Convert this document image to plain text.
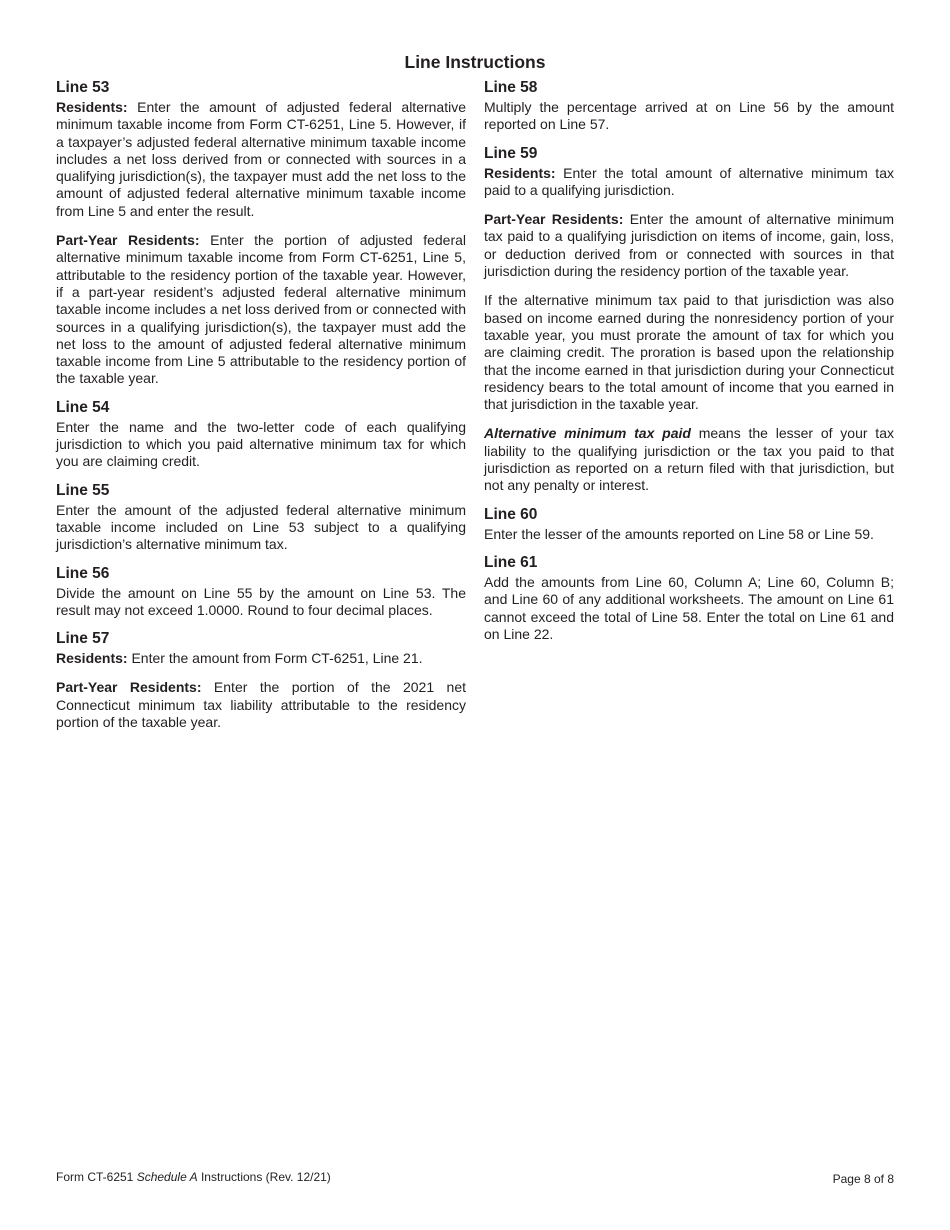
Line Instructions
Line 53

Residents: Enter the amount of adjusted federal alternative minimum taxable income from Form CT-6251, Line 5. However, if a taxpayer’s adjusted federal alternative minimum taxable income includes a net loss derived from or connected with sources in a qualifying jurisdiction(s), the taxpayer must add the net loss to the amount of adjusted federal alternative minimum taxable income from Line 5 and enter the result.

Part-Year Residents: Enter the portion of adjusted federal alternative minimum taxable income from Form CT-6251, Line 5, attributable to the residency portion of the taxable year. However, if a part-year resident’s adjusted federal alternative minimum taxable income includes a net loss derived from or connected with sources in a qualifying jurisdiction(s), the taxpayer must add the net loss to the amount of adjusted federal alternative minimum taxable income from Line 5 attributable to the residency portion of the taxable year.

Line 54

Enter the name and the two-letter code of each qualifying jurisdiction to which you paid alternative minimum tax for which you are claiming credit.

Line 55

Enter the amount of the adjusted federal alternative minimum taxable income included on Line 53 subject to a qualifying jurisdiction’s alternative minimum tax.

Line 56

Divide the amount on Line 55 by the amount on Line 53. The result may not exceed 1.0000. Round to four decimal places.

Line 57

Residents: Enter the amount from Form CT-6251, Line 21.

Part-Year Residents: Enter the portion of the 2021 net Connecticut minimum tax liability attributable to the residency portion of the taxable year.

Line 58

Multiply the percentage arrived at on Line 56 by the amount reported on Line 57.

Line 59

Residents: Enter the total amount of alternative minimum tax paid to a qualifying jurisdiction.

Part-Year Residents: Enter the amount of alternative minimum tax paid to a qualifying jurisdiction on items of income, gain, loss, or deduction derived from or connected with sources in that jurisdiction during the residency portion of the taxable year.

If the alternative minimum tax paid to that jurisdiction was also based on income earned during the nonresidency portion of your taxable year, you must prorate the amount of tax for which you are claiming credit. The proration is based upon the relationship that the income earned in that jurisdiction during your Connecticut residency bears to the total amount of income that you earned in that jurisdiction in the taxable year.

Alternative minimum tax paid means the lesser of your tax liability to the qualifying jurisdiction or the tax you paid to that jurisdiction as reported on a return filed with that jurisdiction, but not any penalty or interest.

Line 60

Enter the lesser of the amounts reported on Line 58 or Line 59.

Line 61

Add the amounts from Line 60, Column A; Line 60, Column B; and Line 60 of any additional worksheets. The amount on Line 61 cannot exceed the total of Line 58. Enter the total on Line 61 and on Line 22.

Form CT-6251 Schedule A Instructions (Rev. 12/21)	Page 8 of 8
